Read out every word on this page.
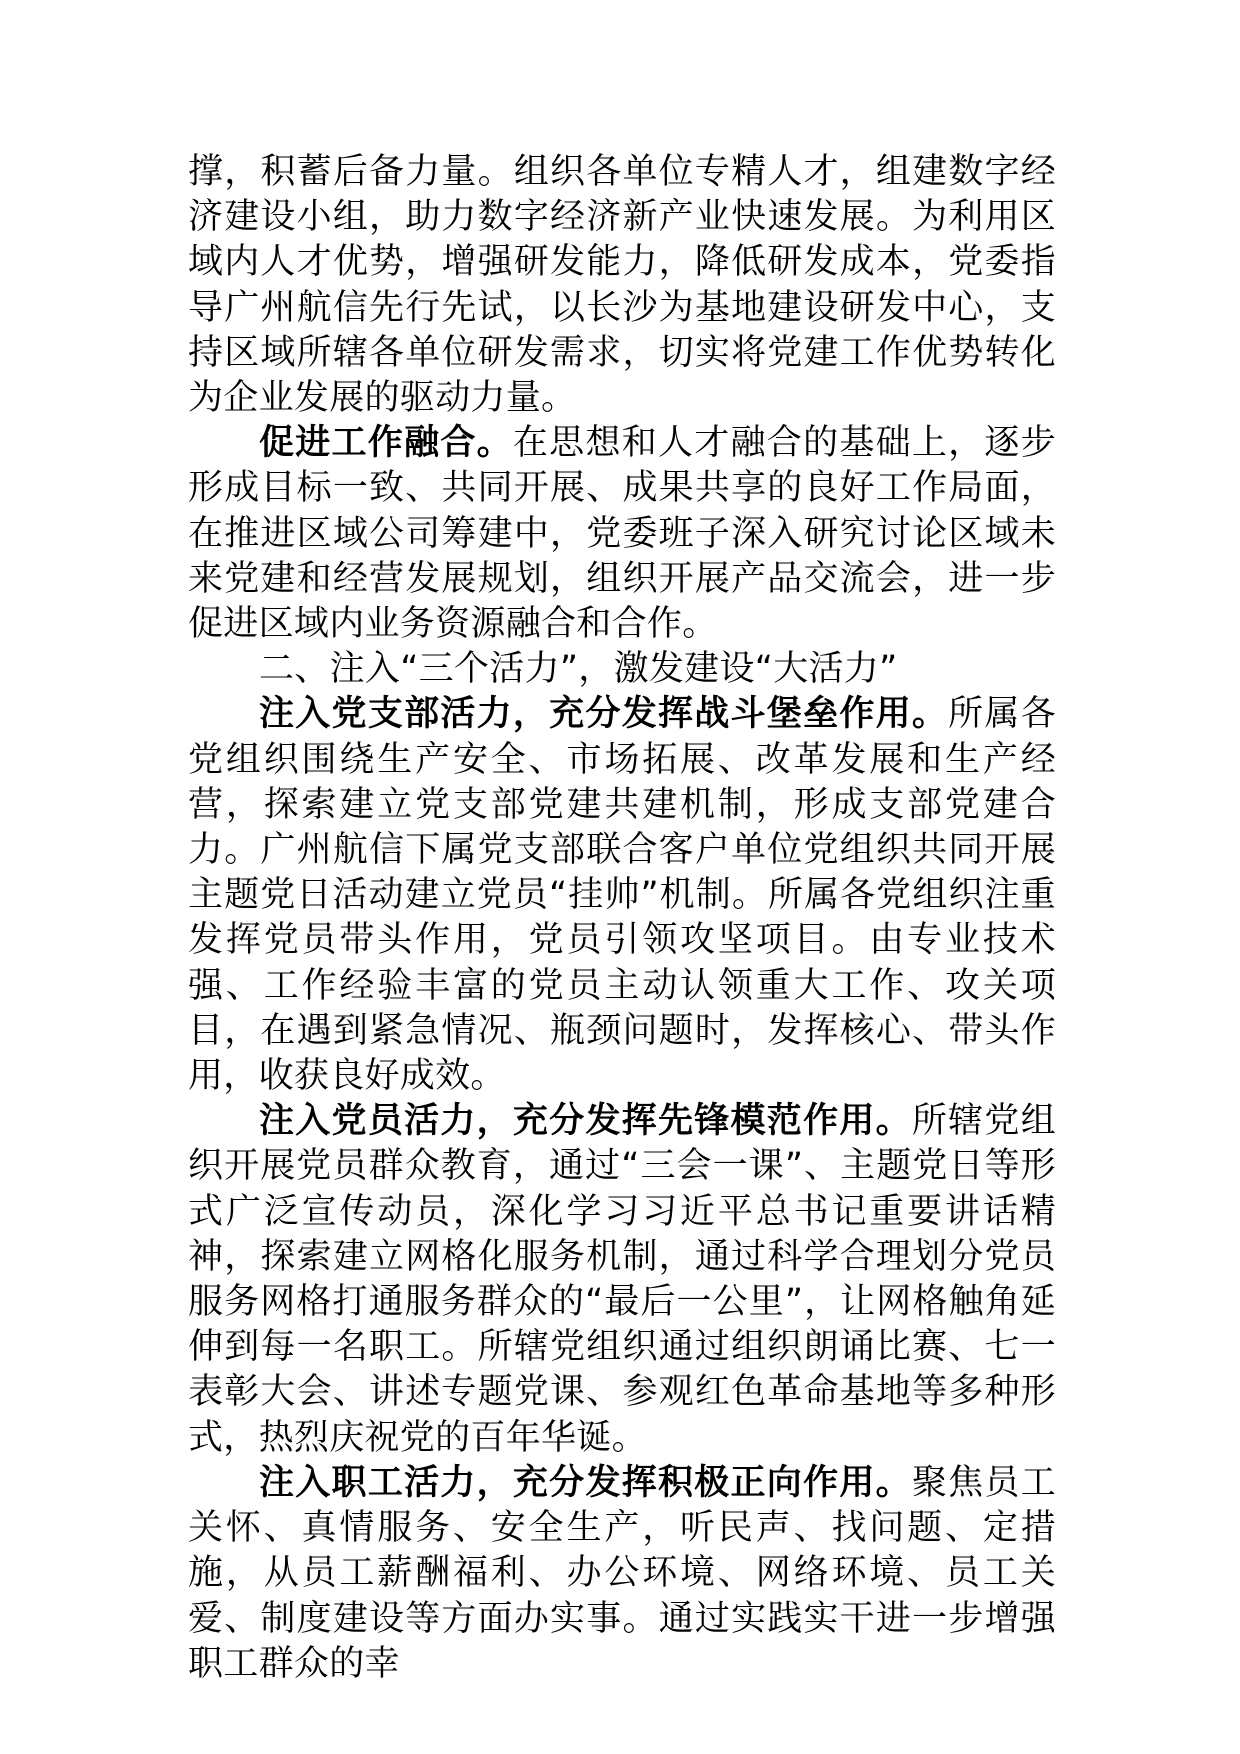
撑，积蓄后备力量。组织各单位专精人才，组建数字经济建设小组，助力数字经济新产业快速发展。为利用区域内人才优势，增强研发能力，降低研发成本，党委指导广州航信先行先试，以长沙为基地建设研发中心，支持区域所辖各单位研发需求，切实将党建工作优势转化为企业发展的驱动力量。

促进工作融合。在思想和人才融合的基础上，逐步形成目标一致、共同开展、成果共享的良好工作局面，在推进区域公司筹建中，党委班子深入研究讨论区域未来党建和经营发展规划，组织开展产品交流会，进一步促进区域内业务资源融合和合作。

二、注入“三个活力”，激发建设“大活力”

注入党支部活力，充分发挥战斗堡垒作用。所属各党组织围绕生产安全、市场拓展、改革发展和生产经营，探索建立党支部党建共建机制，形成支部党建合力。广州航信下属党支部联合客户单位党组织共同开展主题党日活动建立党员“挂帅”机制。所属各党组织注重发挥党员带头作用，党员引领攻坚项目。由专业技术强、工作经验丰富的党员主动认领重大工作、攻关项目，在遇到紧急情况、瓶颈问题时，发挥核心、带头作用，收获良好成效。

注入党员活力，充分发挥先锋模范作用。所辖党组织开展党员群众教育，通过“三会一课”、主题党日等形式广泛宣传动员，深化学习习近平总书记重要讲话精神，探索建立网格化服务机制，通过科学合理划分党员服务网格打通服务群众的“最后一公里”，让网格触角延伸到每一名职工。所辖党组织通过组织朗诵比赛、七一表彰大会、讲述专题党课、参观红色革命基地等多种形式，热烈庆祝党的百年华诞。

注入职工活力，充分发挥积极正向作用。聚焦员工关怀、真情服务、安全生产，听民声、找问题、定措施，从员工薪酬福利、办公环境、网络环境、员工关爱、制度建设等方面办实事。通过实践实干进一步增强职工群众的幸
